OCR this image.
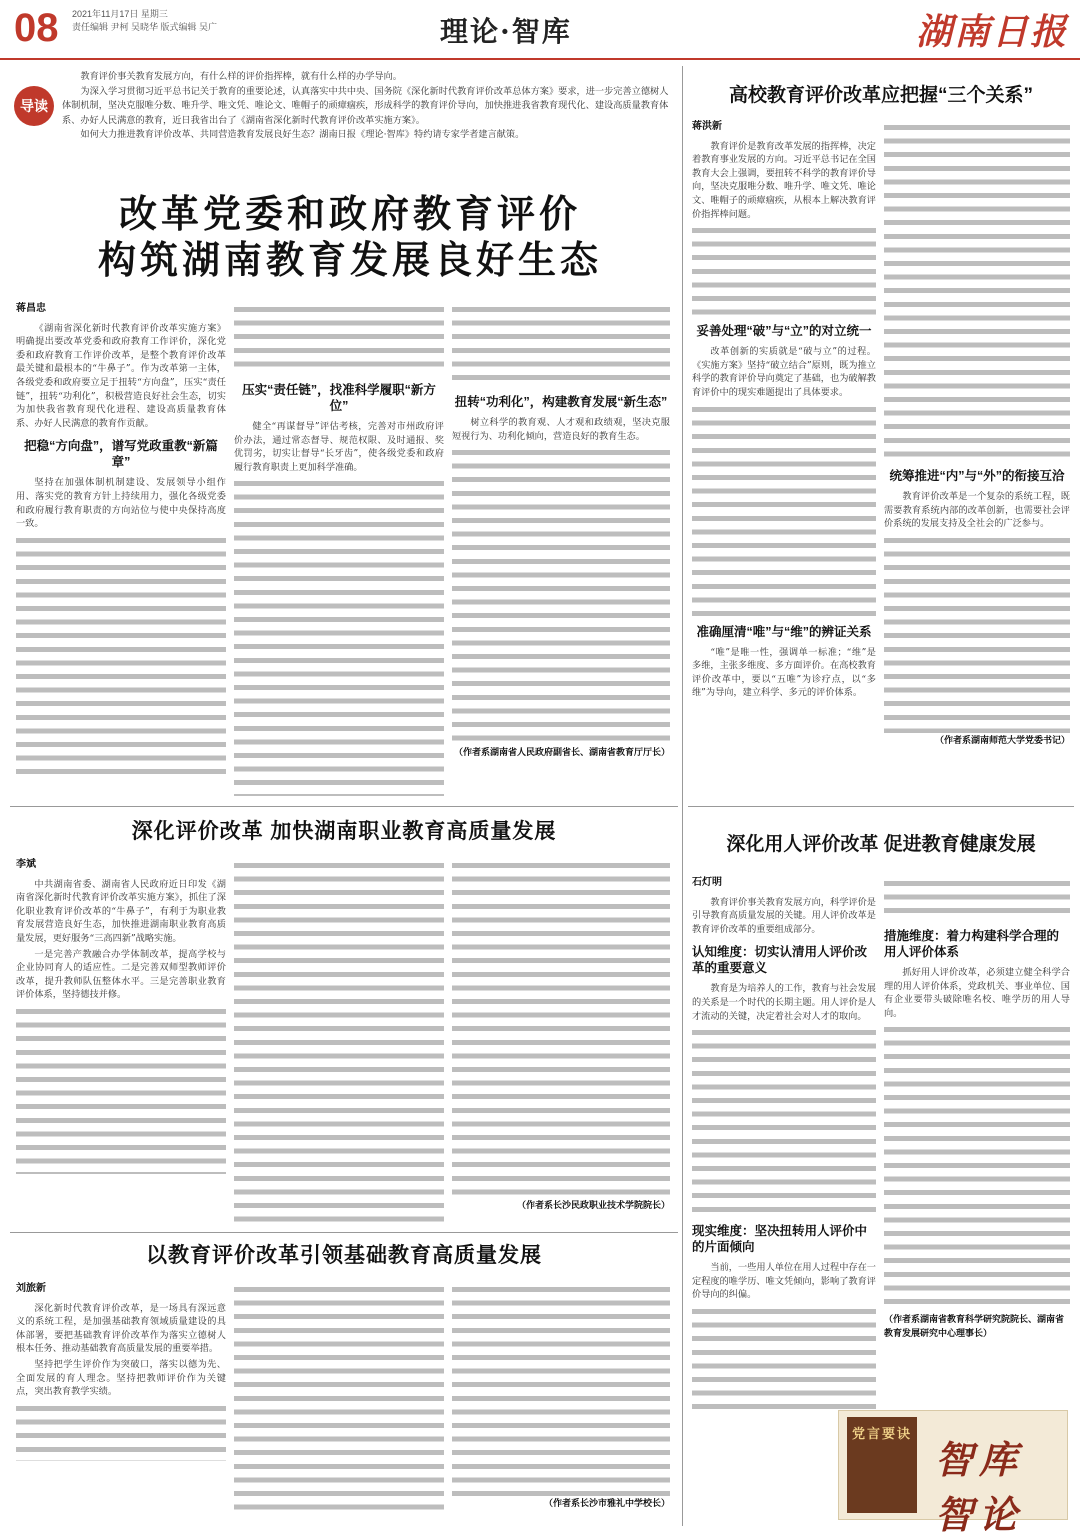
08 2021年11月17日 星期三
责任编辑 尹柯 吴晓华 版式编辑 吴广	理论·智库	湖南日报
导读

教育评价事关教育发展方向，有什么样的评价指挥棒，就有什么样的办学导向。

为深入学习贯彻习近平总书记关于教育的重要论述，认真落实中共中央、国务院《深化新时代教育评价改革总体方案》要求，进一步完善立德树人体制机制，坚决克服唯分数、唯升学、唯文凭、唯论文、唯帽子的顽瘴痼疾，形成科学的教育评价导向，加快推进我省教育现代化、建设高质量教育体系、办好人民满意的教育，近日我省出台了《湖南省深化新时代教育评价改革实施方案》。

如何大力推进教育评价改革、共同营造教育发展良好生态？湖南日报《理论·智库》特约请专家学者建言献策。

改革党委和政府教育评价
构筑湖南教育发展良好生态
蒋昌忠

《湖南省深化新时代教育评价改革实施方案》明确提出要改革党委和政府教育工作评价，深化党委和政府教育工作评价改革，是整个教育评价改革最关键和最根本的“牛鼻子”。作为改革第一主体，各级党委和政府要立足于扭转“方向盘”，压实“责任链”，扭转“功利化”，积极营造良好社会生态，切实为加快我省教育现代化进程、建设高质量教育体系、办好人民满意的教育作贡献。

把稳“方向盘”，谱写党政重教“新篇章”

坚持在加强体制机制建设、发展领导小组作用、落实党的教育方针上持续用力，强化各级党委和政府履行教育职责的方向站位与使中央保持高度一致。

压实“责任链”，找准科学履职“新方位”

健全“再谋督导”评估考核，完善对市州政府评价办法，通过常态督导、规范权限、及时通报、奖优罚劣，切实让督导“长牙齿”，使各级党委和政府履行教育职责上更加科学准确。

扭转“功利化”，构建教育发展“新生态”

树立科学的教育观、人才观和政绩观，坚决克服短视行为、功利化倾向，营造良好的教育生态。

（作者系湖南省人民政府副省长、湖南省教育厅厅长）
高校教育评价改革应把握“三个关系”
蒋洪新

教育评价是教育改革发展的指挥棒，决定着教育事业发展的方向。习近平总书记在全国教育大会上强调，要扭转不科学的教育评价导向，坚决克服唯分数、唯升学、唯文凭、唯论文、唯帽子的顽瘴痼疾，从根本上解决教育评价指挥棒问题。

妥善处理“破”与“立”的对立统一

改革创新的实质就是“破与立”的过程。《实施方案》坚持“破立结合”原则，既为推立科学的教育评价导向奠定了基础，也为破解教育评价中的现实难题提出了具体要求。

准确厘清“唯”与“维”的辨证关系

“唯”是唯一性，强调单一标准；“维”是多维，主张多维度、多方面评价。在高校教育评价改革中，要以“五唯”为诊疗点，以“多维”为导向，建立科学、多元的评价体系。

统筹推进“内”与“外”的衔接互洽

教育评价改革是一个复杂的系统工程，既需要教育系统内部的改革创新，也需要社会评价系统的发展支持及全社会的广泛参与。

（作者系湖南师范大学党委书记）
深化评价改革 加快湖南职业教育高质量发展
李斌

中共湖南省委、湖南省人民政府近日印发《湖南省深化新时代教育评价改革实施方案》，抓住了深化职业教育评价改革的“牛鼻子”，有利于为职业教育发展营造良好生态，加快推进湖南职业教育高质量发展，更好服务“三高四新”战略实施。

一是完善产教融合办学体制改革，提高学校与企业协同育人的适应性。二是完善双师型教师评价改革，提升教师队伍整体水平。三是完善职业教育评价体系，坚持德技并修。

（作者系长沙民政职业技术学院院长）
深化用人评价改革 促进教育健康发展
石灯明

教育评价事关教育发展方向，科学评价是引导教育高质量发展的关键。用人评价改革是教育评价改革的重要组成部分。

认知维度：切实认清用人评价改革的重要意义

教育是为培养人的工作，教育与社会发展的关系是一个时代的长期主题。用人评价是人才流动的关键，决定着社会对人才的取向。

现实维度：坚决扭转用人评价中的片面倾向

当前，一些用人单位在用人过程中存在一定程度的唯学历、唯文凭倾向，影响了教育评价导向的纠偏。

措施维度：着力构建科学合理的用人评价体系

抓好用人评价改革，必须建立健全科学合理的用人评价体系，党政机关、事业单位、国有企业要带头破除唯名校、唯学历的用人导向。

（作者系湖南省教育科学研究院院长、湖南省教育发展研究中心理事长）
以教育评价改革引领基础教育高质量发展
刘旅新

深化新时代教育评价改革，是一场具有深远意义的系统工程，是加强基础教育领域质量建设的具体部署，要把基础教育评价改革作为落实立德树人根本任务、推动基础教育高质量发展的重要举措。

坚持把学生评价作为突破口，落实以德为先、全面发展的育人理念。坚持把教师评价作为关键点，突出教育教学实绩。

（作者系长沙市雅礼中学校长）
党言要诀
智库 智论
